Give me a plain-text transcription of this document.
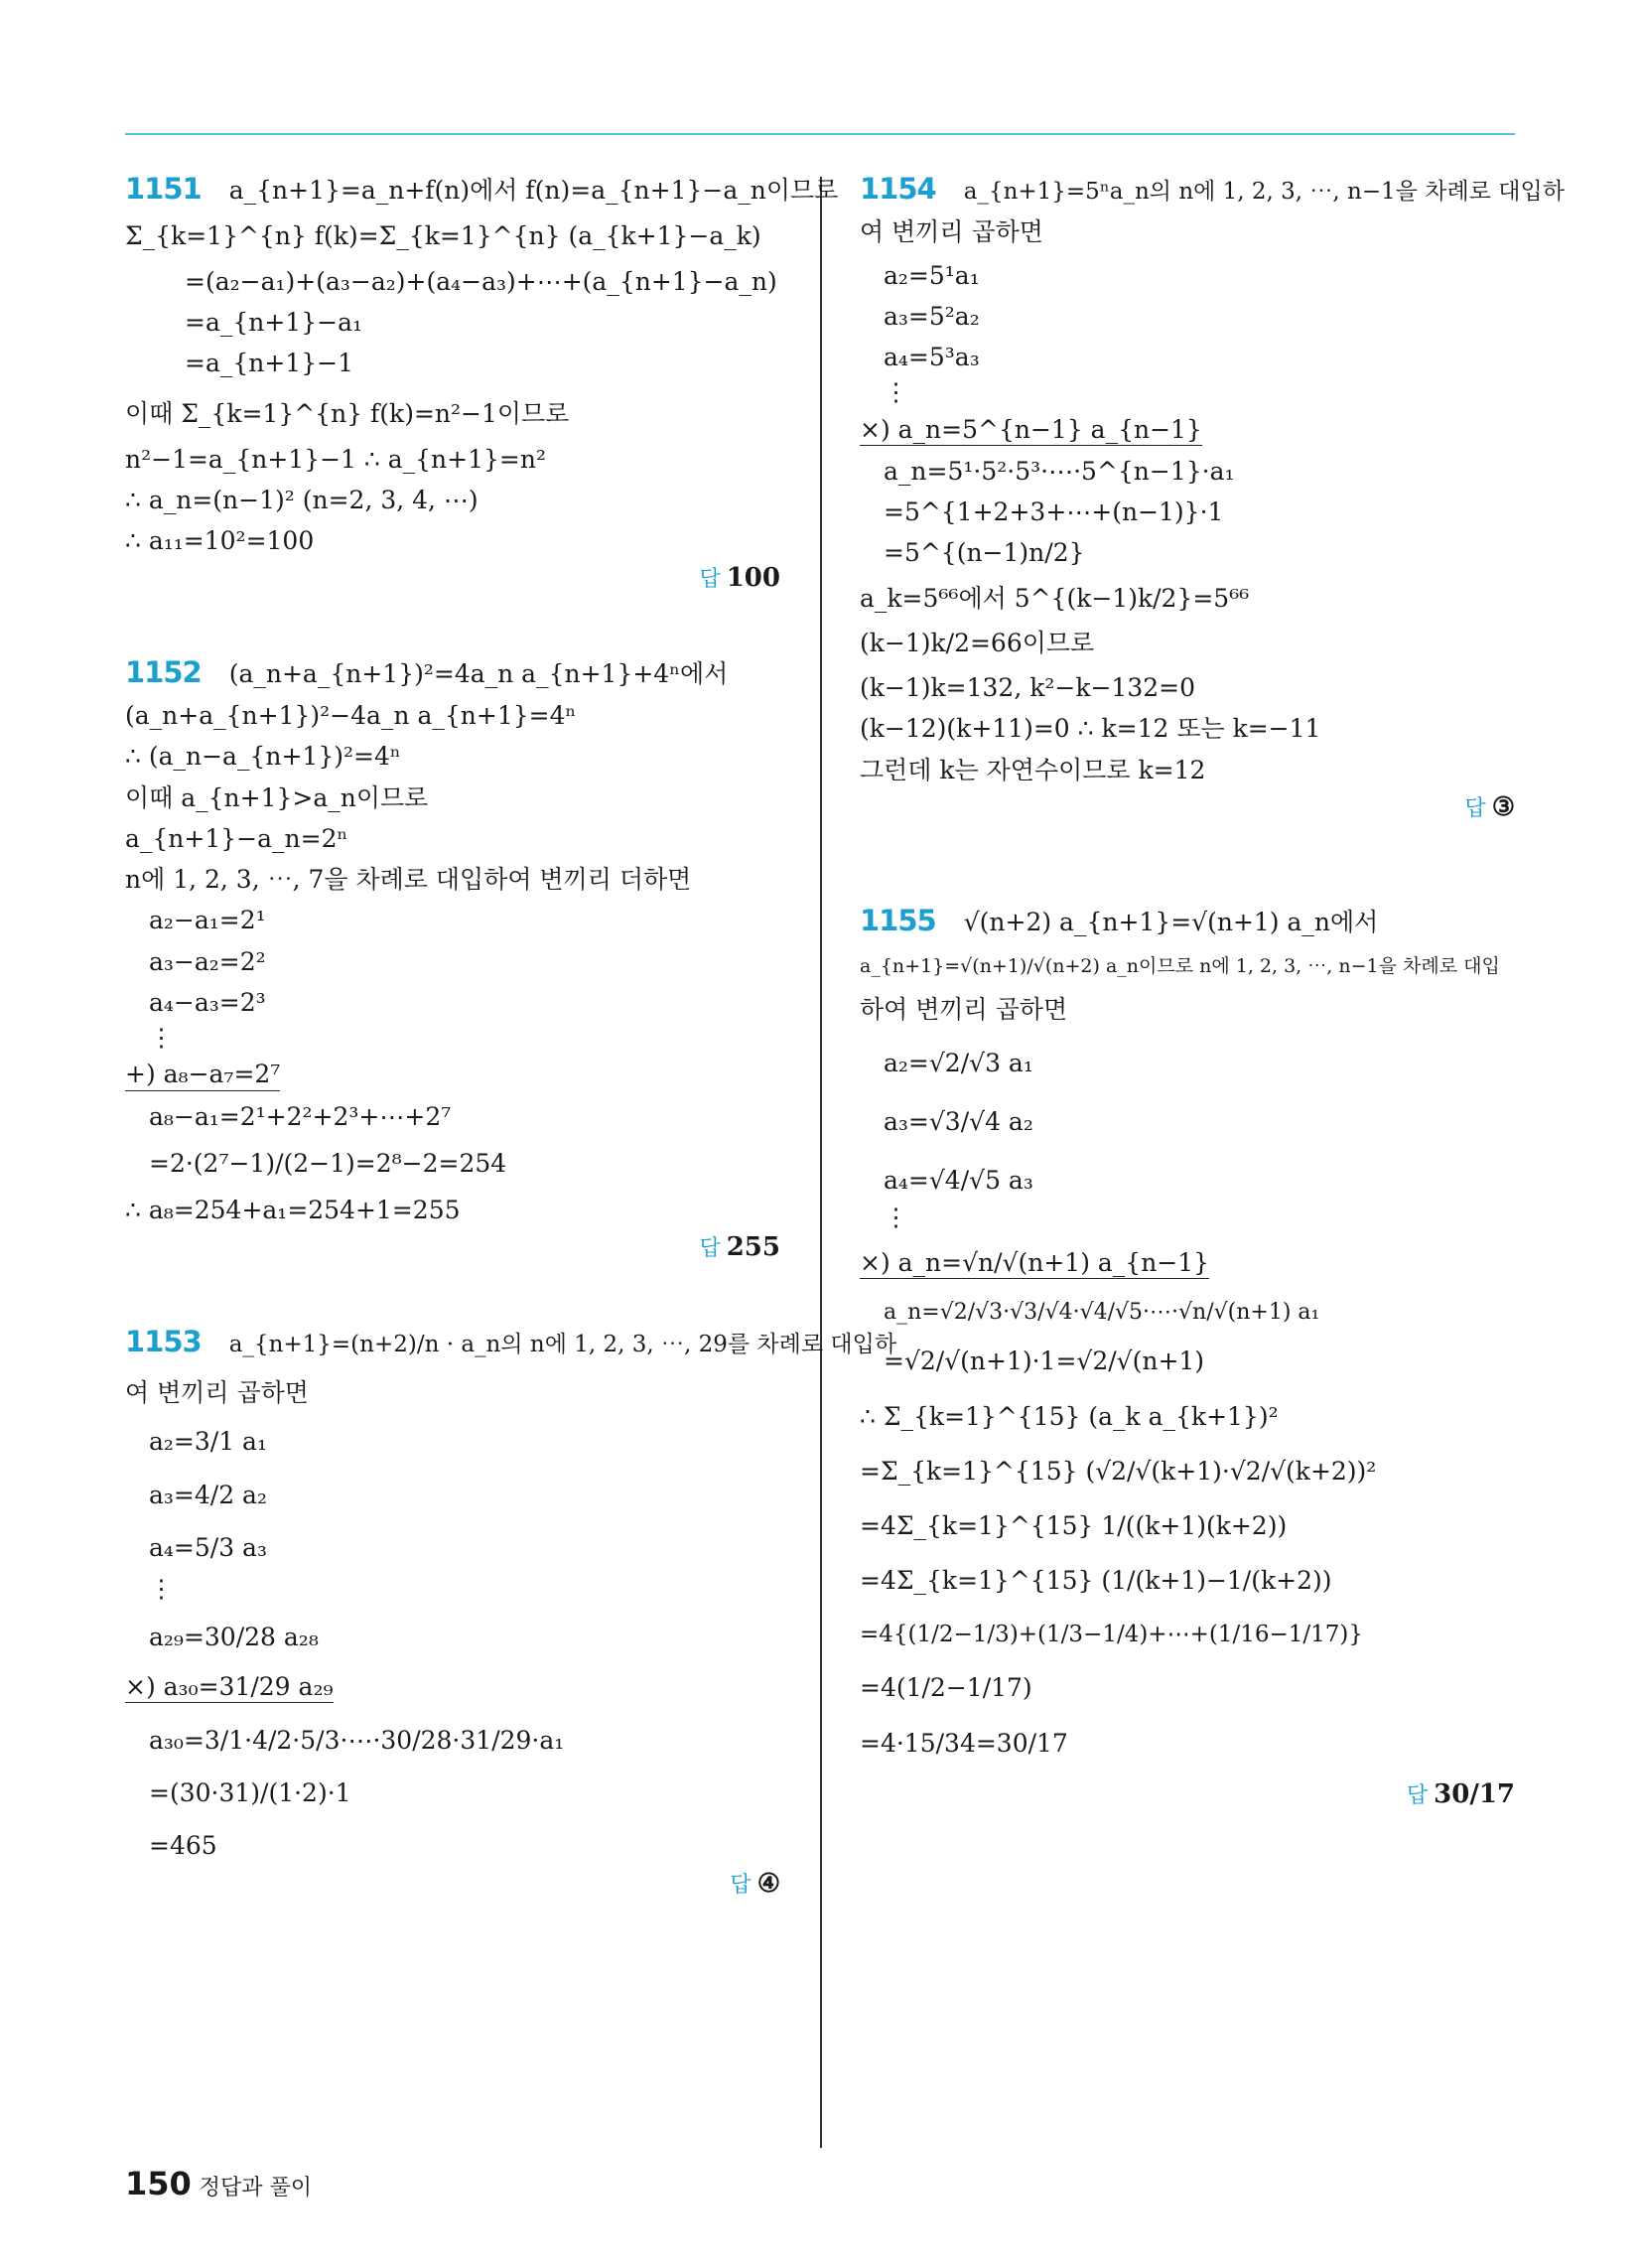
1151 a_{n+1}=a_n+f(n)에서 f(n)=a_{n+1}−a_n이므로

Σ_{k=1}^{n} f(k)=Σ_{k=1}^{n} (a_{k+1}−a_k)

=(a₂−a₁)+(a₃−a₂)+(a₄−a₃)+⋯+(a_{n+1}−a_n)

=a_{n+1}−a₁

=a_{n+1}−1

이때 Σ_{k=1}^{n} f(k)=n²−1이므로

n²−1=a_{n+1}−1 ∴ a_{n+1}=n²

∴ a_n=(n−1)² (n=2, 3, 4, ⋯)

∴ a₁₁=10²=100

답 100

1152 (a_n+a_{n+1})²=4a_n a_{n+1}+4ⁿ에서

(a_n+a_{n+1})²−4a_n a_{n+1}=4ⁿ

∴ (a_n−a_{n+1})²=4ⁿ

이때 a_{n+1}>a_n이므로

a_{n+1}−a_n=2ⁿ

n에 1, 2, 3, ⋯, 7을 차례로 대입하여 변끼리 더하면

a₂−a₁=2¹

a₃−a₂=2²

a₄−a₃=2³

⋮

+) a₈−a₇=2⁷

a₈−a₁=2¹+2²+2³+⋯+2⁷

=2·(2⁷−1)/(2−1)=2⁸−2=254

∴ a₈=254+a₁=254+1=255

답 255

1153 a_{n+1}=(n+2)/n · a_n의 n에 1, 2, 3, ⋯, 29를 차례로 대입하

여 변끼리 곱하면

a₂=3/1 a₁

a₃=4/2 a₂

a₄=5/3 a₃

⋮

a₂₉=30/28 a₂₈

×) a₃₀=31/29 a₂₉

a₃₀=3/1·4/2·5/3·⋯·30/28·31/29·a₁

=(30·31)/(1·2)·1

=465

답 ④

1154 a_{n+1}=5ⁿa_n의 n에 1, 2, 3, ⋯, n−1을 차례로 대입하

여 변끼리 곱하면

a₂=5¹a₁

a₃=5²a₂

a₄=5³a₃

⋮

×) a_n=5^{n−1} a_{n−1}

a_n=5¹·5²·5³·⋯·5^{n−1}·a₁

=5^{1+2+3+⋯+(n−1)}·1

=5^{(n−1)n/2}

a_k=5⁶⁶에서 5^{(k−1)k/2}=5⁶⁶

(k−1)k/2=66이므로

(k−1)k=132, k²−k−132=0

(k−12)(k+11)=0 ∴ k=12 또는 k=−11

그런데 k는 자연수이므로 k=12

답 ③

1155 √(n+2) a_{n+1}=√(n+1) a_n에서

a_{n+1}=√(n+1)/√(n+2) a_n이므로 n에 1, 2, 3, ⋯, n−1을 차례로 대입

하여 변끼리 곱하면

a₂=√2/√3 a₁

a₃=√3/√4 a₂

a₄=√4/√5 a₃

⋮

×) a_n=√n/√(n+1) a_{n−1}

a_n=√2/√3·√3/√4·√4/√5·⋯·√n/√(n+1) a₁

=√2/√(n+1)·1=√2/√(n+1)

∴ Σ_{k=1}^{15} (a_k a_{k+1})²

=Σ_{k=1}^{15} (√2/√(k+1)·√2/√(k+2))²

=4Σ_{k=1}^{15} 1/((k+1)(k+2))

=4Σ_{k=1}^{15} (1/(k+1)−1/(k+2))

=4{(1/2−1/3)+(1/3−1/4)+⋯+(1/16−1/17)}

=4(1/2−1/17)

=4·15/34=30/17

답 30/17
150 정답과 풀이
